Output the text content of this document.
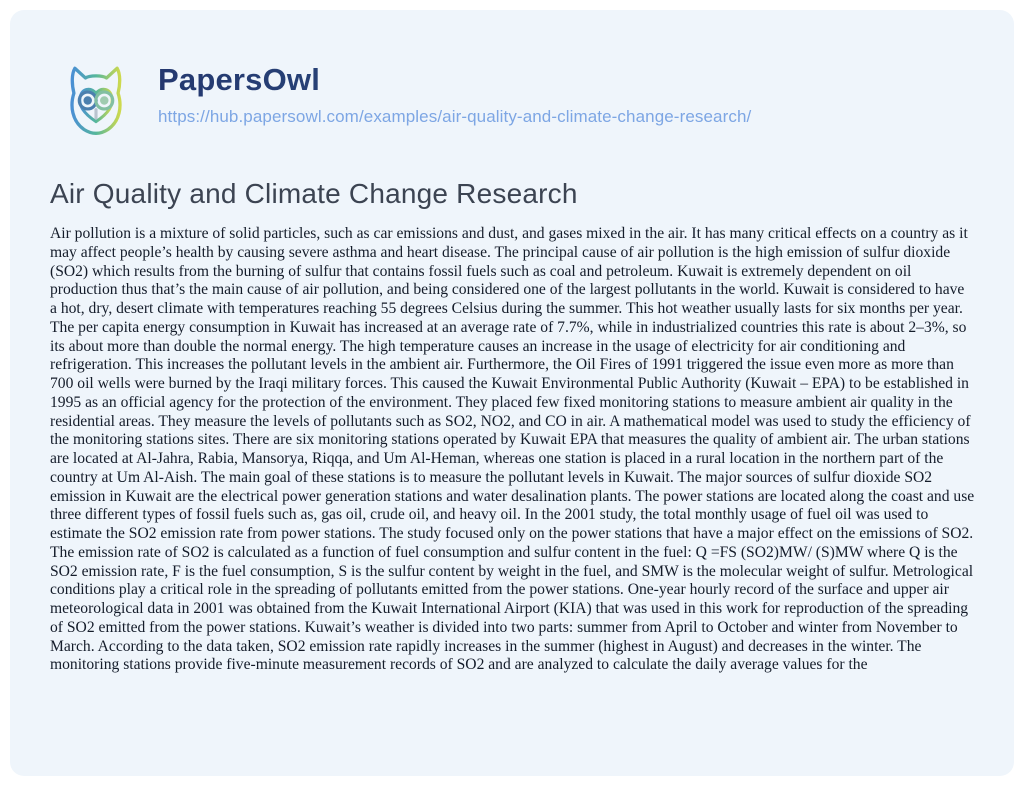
PapersOwl
https://hub.papersowl.com/examples/air-quality-and-climate-change-research/
Air Quality and Climate Change Research

Air pollution is a mixture of solid particles, such as car emissions and dust, and gases mixed in the air. It has many critical effects on a country as it may affect people’s health by causing severe asthma and heart disease. The principal cause of air pollution is the high emission of sulfur dioxide (SO2) which results from the burning of sulfur that contains fossil fuels such as coal and petroleum. Kuwait is extremely dependent on oil production thus that’s the main cause of air pollution, and being considered one of the largest pollutants in the world. Kuwait is considered to have a hot, dry, desert climate with temperatures reaching 55 degrees Celsius during the summer. This hot weather usually lasts for six months per year. The per capita energy consumption in Kuwait has increased at an average rate of 7.7%, while in industrialized countries this rate is about 2–3%, so its about more than double the normal energy. The high temperature causes an increase in the usage of electricity for air conditioning and refrigeration. This increases the pollutant levels in the ambient air. Furthermore, the Oil Fires of 1991 triggered the issue even more as more than 700 oil wells were burned by the Iraqi military forces. This caused the Kuwait Environmental Public Authority (Kuwait – EPA) to be established in 1995 as an official agency for the protection of the environment. They placed few fixed monitoring stations to measure ambient air quality in the residential areas. They measure the levels of pollutants such as SO2, NO2, and CO in air. A mathematical model was used to study the efficiency of the monitoring stations sites. There are six monitoring stations operated by Kuwait EPA that measures the quality of ambient air. The urban stations are located at Al-Jahra, Rabia, Mansorya, Riqqa, and Um Al-Heman, whereas one station is placed in a rural location in the northern part of the country at Um Al-Aish. The main goal of these stations is to measure the pollutant levels in Kuwait. The major sources of sulfur dioxide SO2 emission in Kuwait are the electrical power generation stations and water desalination plants. The power stations are located along the coast and use three different types of fossil fuels such as, gas oil, crude oil, and heavy oil. In the 2001 study, the total monthly usage of fuel oil was used to estimate the SO2 emission rate from power stations. The study focused only on the power stations that have a major effect on the emissions of SO2. The emission rate of SO2 is calculated as a function of fuel consumption and sulfur content in the fuel: Q =FS (SO2)MW/ (S)MW where Q is the SO2 emission rate, F is the fuel consumption, S is the sulfur content by weight in the fuel, and SMW is the molecular weight of sulfur. Metrological conditions play a critical role in the spreading of pollutants emitted from the power stations. One-year hourly record of the surface and upper air meteorological data in 2001 was obtained from the Kuwait International Airport (KIA) that was used in this work for reproduction of the spreading of SO2 emitted from the power stations. Kuwait’s weather is divided into two parts: summer from April to October and winter from November to March. According to the data taken, SO2 emission rate rapidly increases in the summer (highest in August) and decreases in the winter. The monitoring stations provide five-minute measurement records of SO2 and are analyzed to calculate the daily average values for the
